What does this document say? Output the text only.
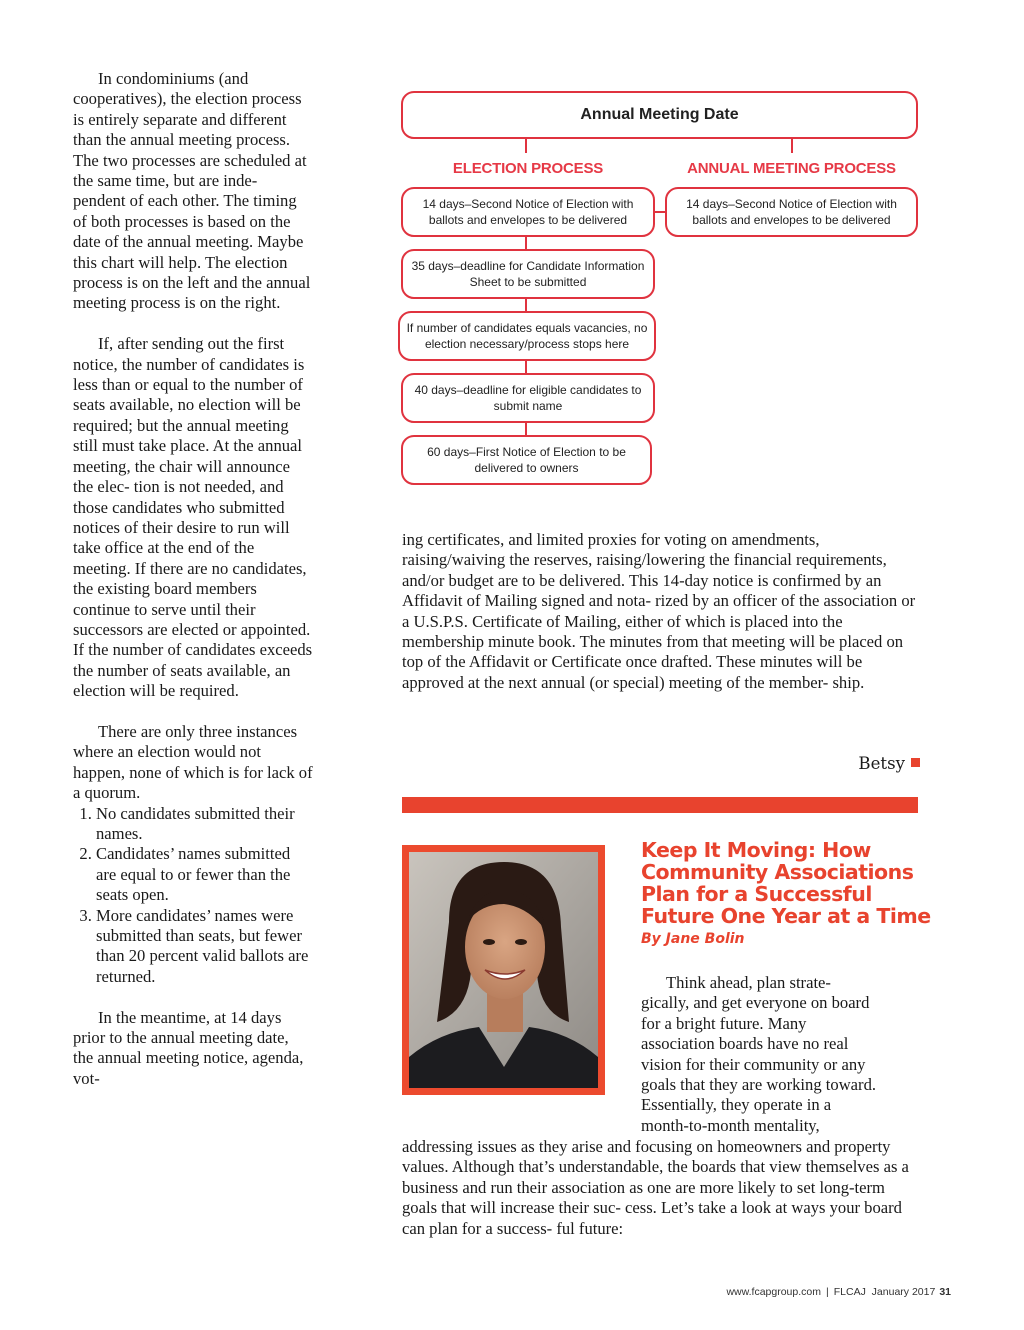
In condominiums (and cooperatives), the election process is entirely separate and different than the annual meeting process. The two processes are scheduled at the same time, but are inde- pendent of each other. The timing of both processes is based on the date of the annual meeting. Maybe this chart will help. The election process is on the left and the annual meeting process is on the right.

If, after sending out the first notice, the number of candidates is less than or equal to the number of seats available, no election will be required; but the annual meeting still must take place. At the annual meeting, the chair will announce the elec- tion is not needed, and those candidates who submitted notices of their desire to run will take office at the end of the meeting. If there are no candidates, the existing board members continue to serve until their successors are elected or appointed. If the number of candidates exceeds the number of seats available, an election will be required.

There are only three instances where an election would not happen, none of which is for lack of a quorum.

1. No candidates submitted their names.
2. Candidates’ names submitted are equal to or fewer than the seats open.
3. More candidates’ names were submitted than seats, but fewer than 20 percent valid ballots are returned.

In the meantime, at 14 days prior to the annual meeting date, the annual meeting notice, agenda, vot-

Annual Meeting Date
ELECTION PROCESS	ANNUAL MEETING PROCESS
14 days–Second Notice of Election with ballots and envelopes to be delivered
14 days–Second Notice of Election with ballots and envelopes to be delivered
35 days–deadline for Candidate Information Sheet to be submitted
If number of candidates equals vacancies, no election necessary/process stops here
40 days–deadline for eligible candidates to submit name
60 days–First Notice of Election to be delivered to owners

ing certificates, and limited proxies for voting on amendments, raising/waiving the reserves, raising/lowering the financial requirements, and/or budget are to be delivered. This 14-day notice is confirmed by an Affidavit of Mailing signed and nota- rized by an officer of the association or a U.S.P.S. Certificate of Mailing, either of which is placed into the membership minute book. The minutes from that meeting will be placed on top of the Affidavit or Certificate once drafted. These minutes will be approved at the next annual (or special) meeting of the member- ship.

Betsy
Keep It Moving: How Community Associations Plan for a Successful Future One Year at a Time
By Jane Bolin
Think ahead, plan strate- gically, and get everyone on board for a bright future. Many association boards have no real vision for their community or any goals that they are working toward. Essentially, they operate in a month-to-month mentality,
addressing issues as they arise and focusing on homeowners and property values. Although that’s understandable, the boards that view themselves as a business and run their association as one are more likely to set long-term goals that will increase their suc- cess. Let’s take a look at ways your board can plan for a success- ful future:
www.fcapgroup.com | FLCAJ January 2017 31
